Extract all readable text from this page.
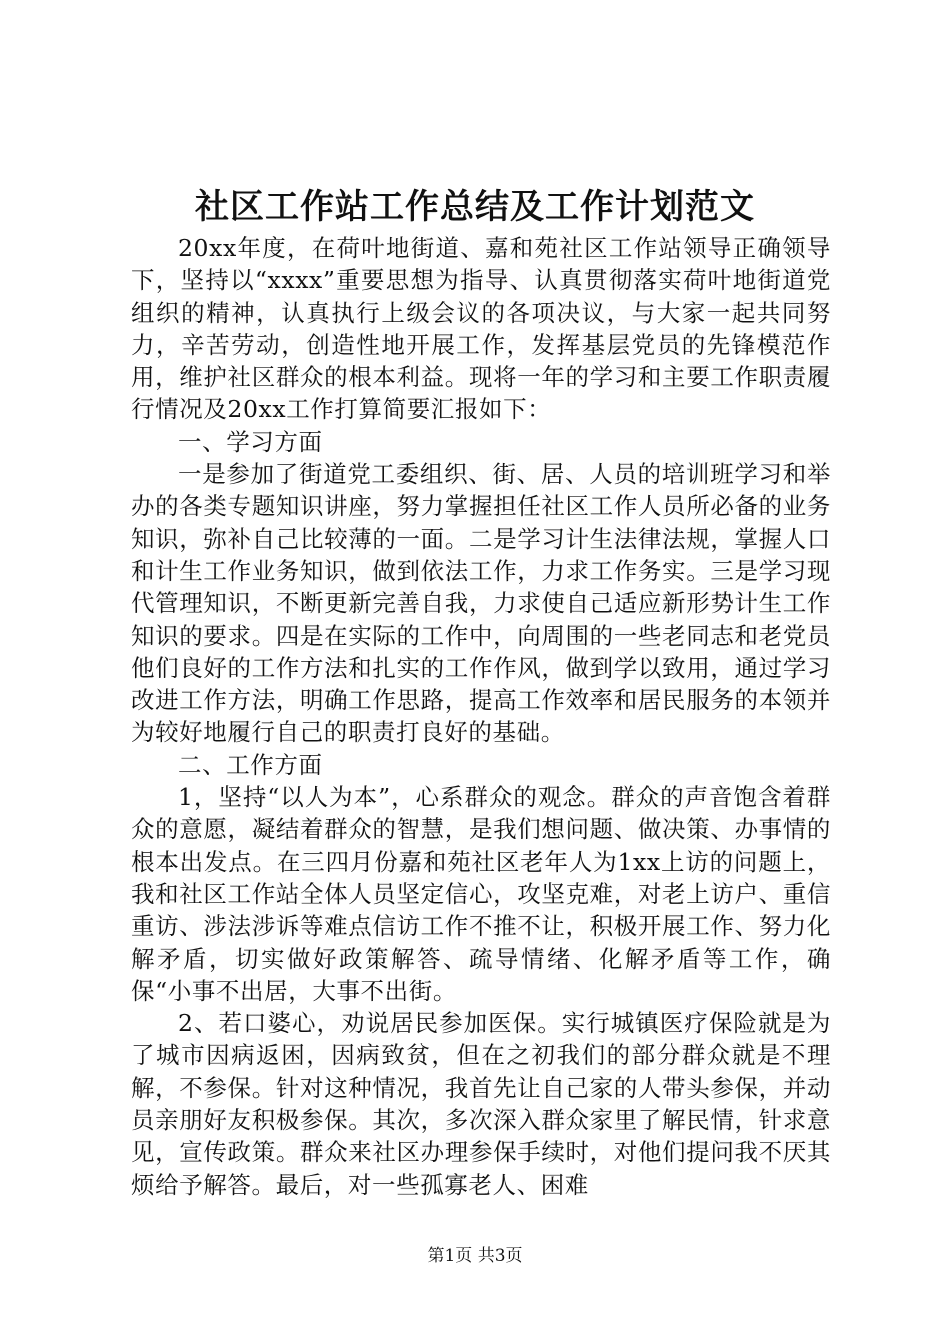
社区工作站工作总结及工作计划范文

20xx年度，在荷叶地街道、嘉和苑社区工作站领导正确领导下，坚持以“xxxx”重要思想为指导、认真贯彻落实荷叶地街道党组织的精神，认真执行上级会议的各项决议，与大家一起共同努力，辛苦劳动，创造性地开展工作，发挥基层党员的先锋模范作用，维护社区群众的根本利益。现将一年的学习和主要工作职责履行情况及20xx工作打算简要汇报如下：

一、学习方面

一是参加了街道党工委组织、街、居、人员的培训班学习和举办的各类专题知识讲座，努力掌握担任社区工作人员所必备的业务知识，弥补自己比较薄的一面。二是学习计生法律法规，掌握人口和计生工作业务知识，做到依法工作，力求工作务实。三是学习现代管理知识，不断更新完善自我，力求使自己适应新形势计生工作知识的要求。四是在实际的工作中，向周围的一些老同志和老党员他们良好的工作方法和扎实的工作作风，做到学以致用，通过学习改进工作方法，明确工作思路，提高工作效率和居民服务的本领并为较好地履行自己的职责打良好的基础。

二、工作方面

1，坚持“以人为本”，心系群众的观念。群众的声音饱含着群众的意愿，凝结着群众的智慧，是我们想问题、做决策、办事情的根本出发点。在三四月份嘉和苑社区老年人为1xx上访的问题上，我和社区工作站全体人员坚定信心，攻坚克难，对老上访户、重信重访、涉法涉诉等难点信访工作不推不让，积极开展工作、努力化解矛盾，切实做好政策解答、疏导情绪、化解矛盾等工作，确保“小事不出居，大事不出街。

2、若口婆心，劝说居民参加医保。实行城镇医疗保险就是为了城市因病返困，因病致贫，但在之初我们的部分群众就是不理解，不参保。针对这种情况，我首先让自己家的人带头参保，并动员亲朋好友积极参保。其次，多次深入群众家里了解民情，针求意见，宣传政策。群众来社区办理参保手续时，对他们提问我不厌其烦给予解答。最后，对一些孤寡老人、困难

第1页 共3页
